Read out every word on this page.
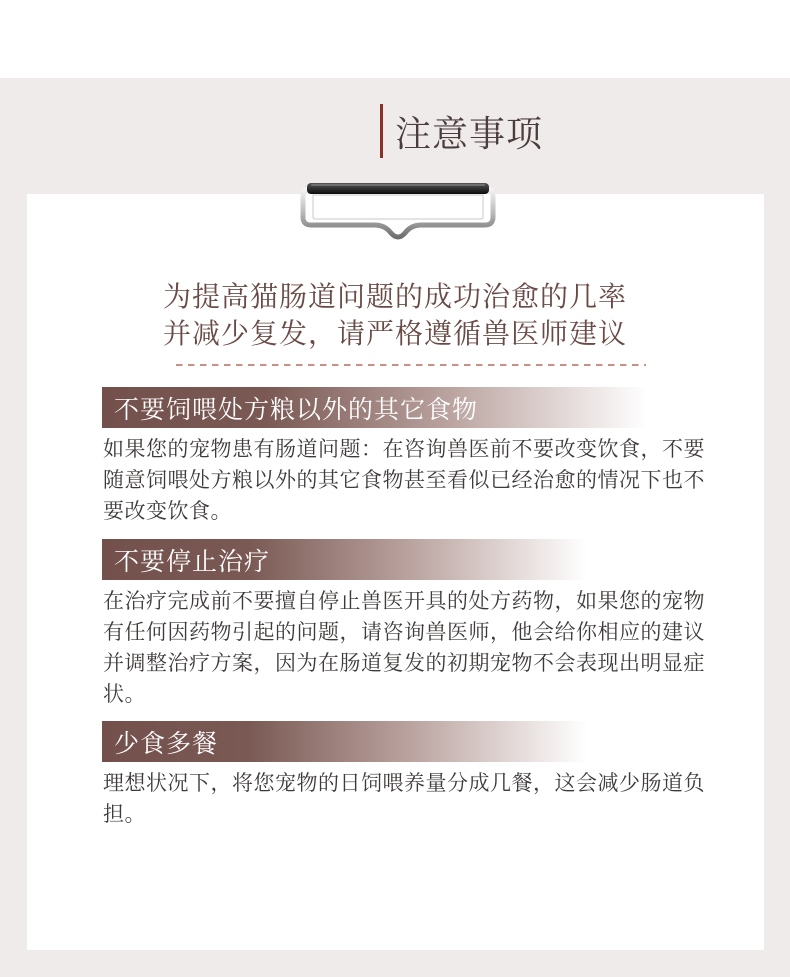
注意事项
为提高猫肠道问题的成功治愈的几率
并减少复发，请严格遵循兽医师建议
不要饲喂处方粮以外的其它食物
如果您的宠物患有肠道问题：在咨询兽医前不要改变饮食，不要随意饲喂处方粮以外的其它食物甚至看似已经治愈的情况下也不要改变饮食。
不要停止治疗
在治疗完成前不要擅自停止兽医开具的处方药物，如果您的宠物有任何因药物引起的问题，请咨询兽医师，他会给你相应的建议并调整治疗方案，因为在肠道复发的初期宠物不会表现出明显症状。
少食多餐
理想状况下，将您宠物的日饲喂养量分成几餐，这会减少肠道负担。
